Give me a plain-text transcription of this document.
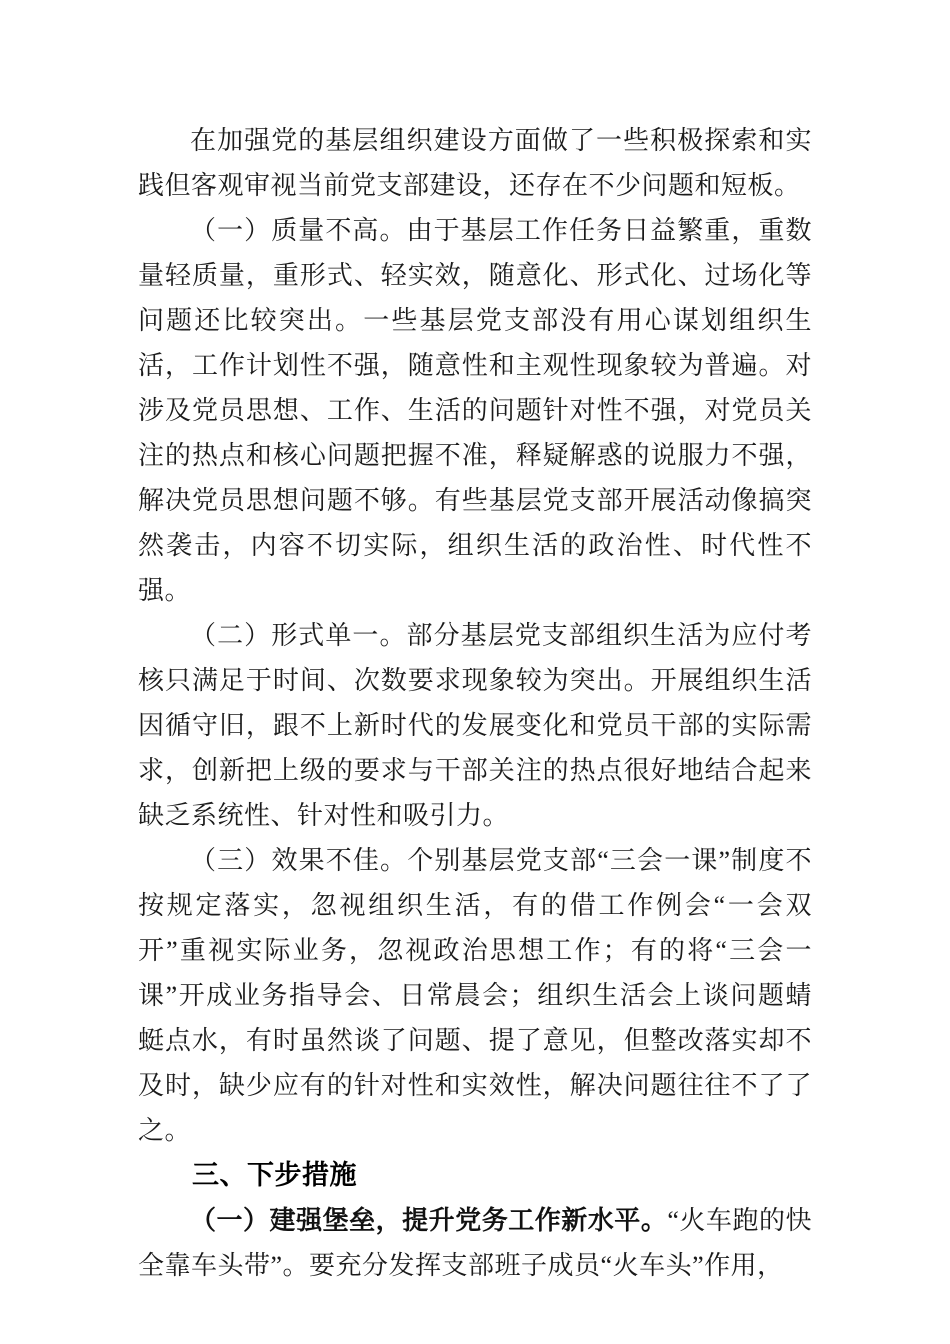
在加强党的基层组织建设方面做了一些积极探索和实践但客观审视当前党支部建设，还存在不少问题和短板。

（一）质量不高。由于基层工作任务日益繁重，重数量轻质量，重形式、轻实效，随意化、形式化、过场化等问题还比较突出。一些基层党支部没有用心谋划组织生活，工作计划性不强，随意性和主观性现象较为普遍。对涉及党员思想、工作、生活的问题针对性不强，对党员关注的热点和核心问题把握不准，释疑解惑的说服力不强，解决党员思想问题不够。有些基层党支部开展活动像搞突然袭击，内容不切实际，组织生活的政治性、时代性不强。

（二）形式单一。部分基层党支部组织生活为应付考核只满足于时间、次数要求现象较为突出。开展组织生活因循守旧，跟不上新时代的发展变化和党员干部的实际需求，创新把上级的要求与干部关注的热点很好地结合起来缺乏系统性、针对性和吸引力。

（三）效果不佳。个别基层党支部“三会一课”制度不按规定落实，忽视组织生活，有的借工作例会“一会双开”重视实际业务，忽视政治思想工作；有的将“三会一课”开成业务指导会、日常晨会；组织生活会上谈问题蜻蜓点水，有时虽然谈了问题、提了意见，但整改落实却不及时，缺少应有的针对性和实效性，解决问题往往不了了之。

三、下步措施

（一）建强堡垒，提升党务工作新水平。“火车跑的快全靠车头带”。要充分发挥支部班子成员“火车头”作用，
